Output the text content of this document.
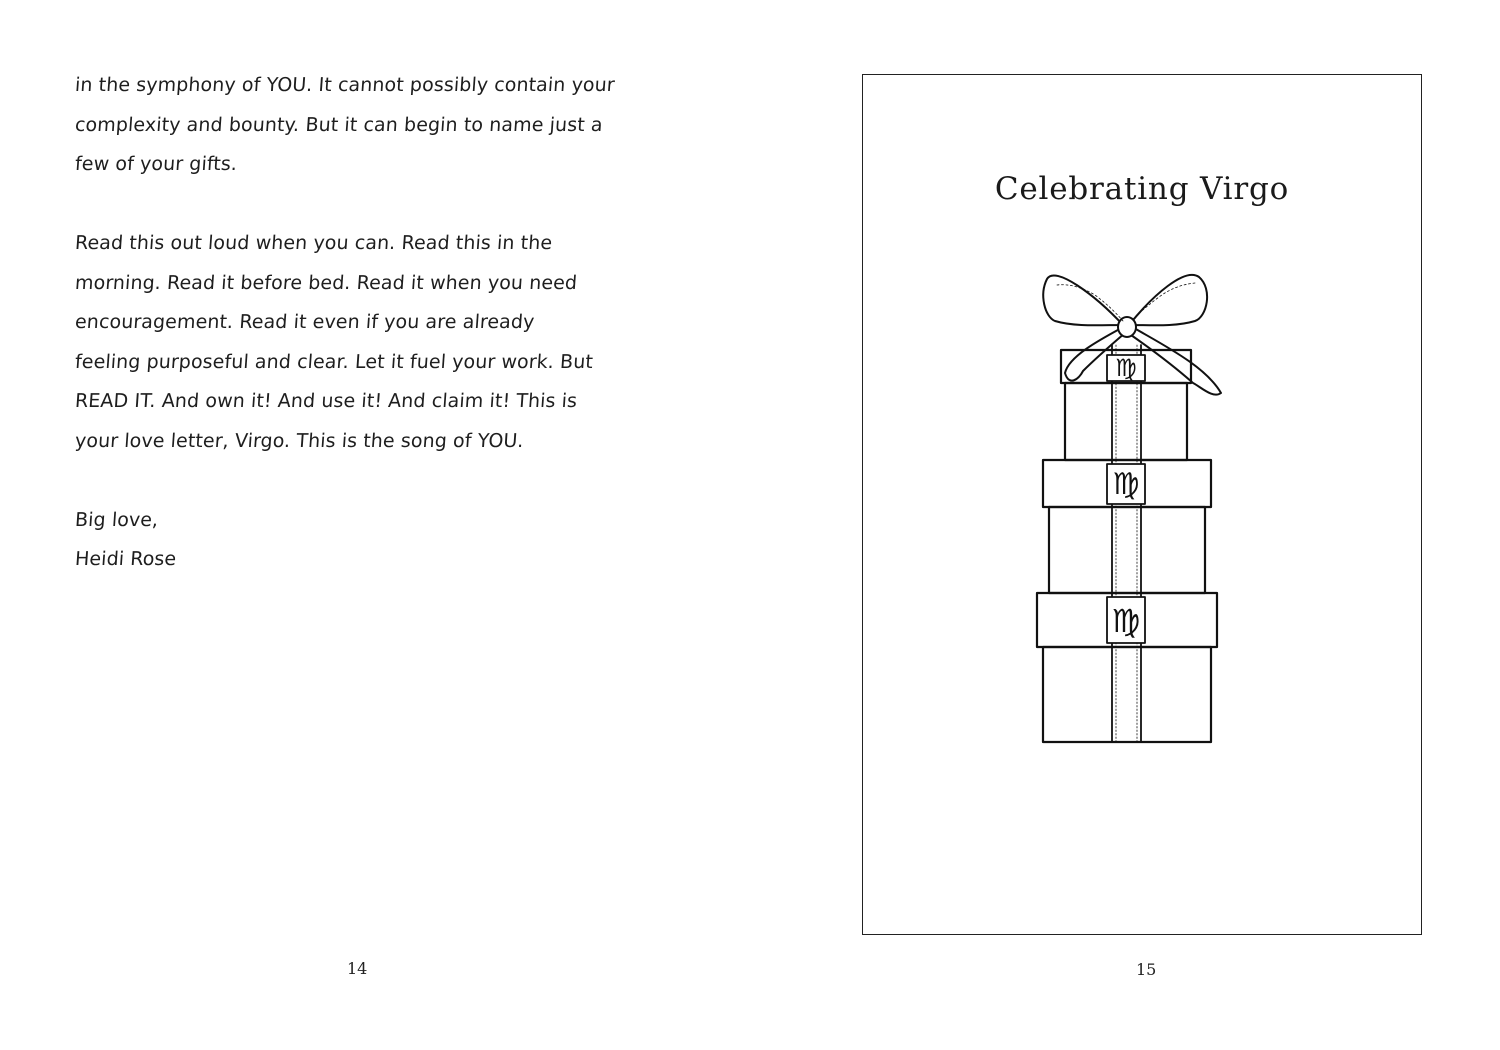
in the symphony of YOU. It cannot possibly contain your
complexity and bounty. But it can begin to name just a
few of your gifts.
Read this out loud when you can. Read this in the
morning. Read it before bed. Read it when you need
encouragement. Read it even if you are already
feeling purposeful and clear. Let it fuel your work. But
READ IT. And own it! And use it! And claim it! This is
your love letter, Virgo. This is the song of YOU.
Big love,
Heidi Rose
14
Celebrating Virgo
♍
♍
♍
15
